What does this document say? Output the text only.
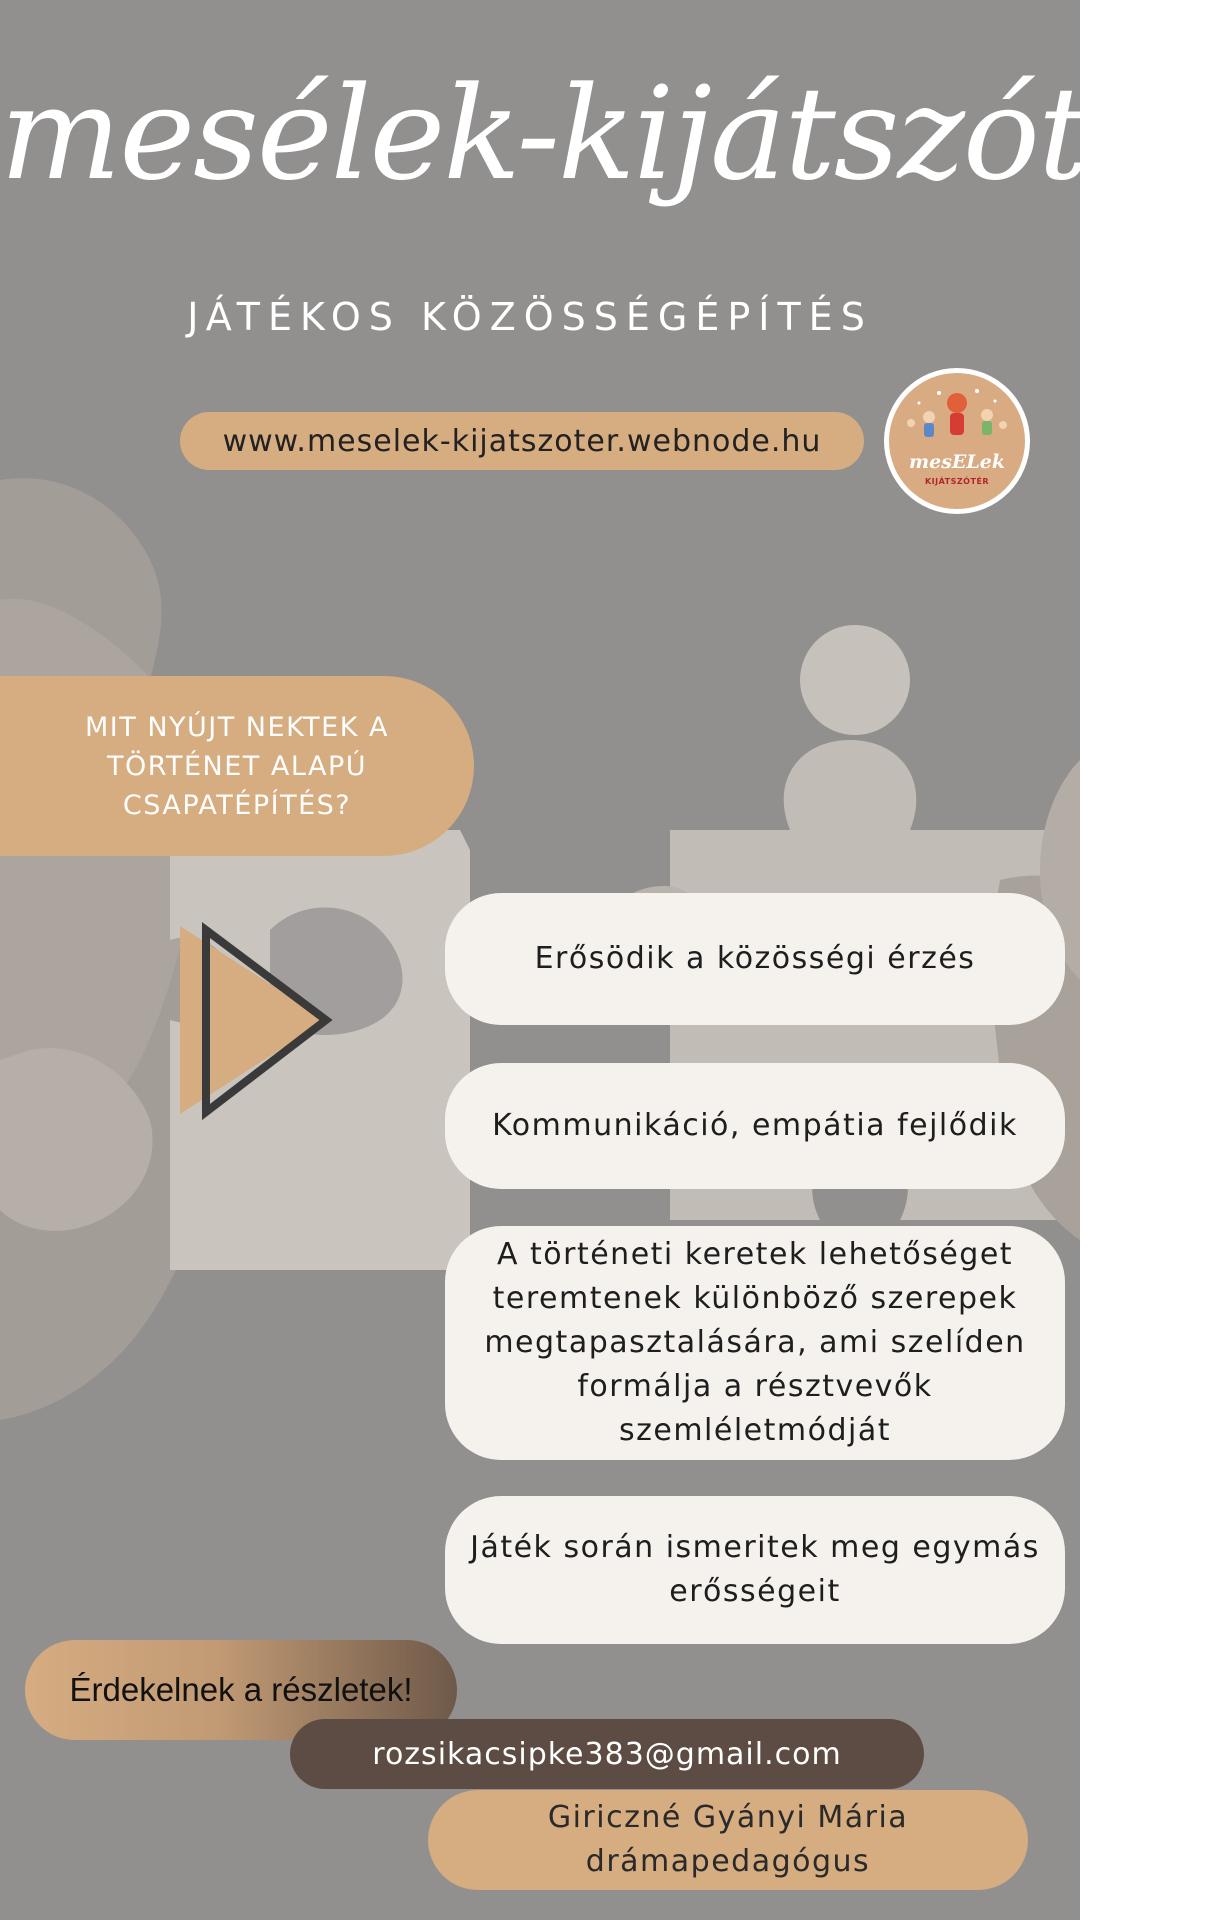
mesélek-kijátszótér
JÁTÉKOS KÖZÖSSÉGÉPÍTÉS
www.meselek-kijatszoter.webnode.hu
mesELek
KIJÁTSZÓTÉR
MIT NYÚJT NEKTEK A TÖRTÉNET ALAPÚ CSAPATÉPÍTÉS?
Erősödik a közösségi érzés
Kommunikáció, empátia fejlődik
A történeti keretek lehetőséget teremtenek különböző szerepek megtapasztalására, ami szelíden formálja a résztvevők szemléletmódját
Játék során ismeritek meg egymás erősségeit
Érdekelnek a részletek!
rozsikacsipke383@gmail.com
Giriczné Gyányi Mária
drámapedagógus
